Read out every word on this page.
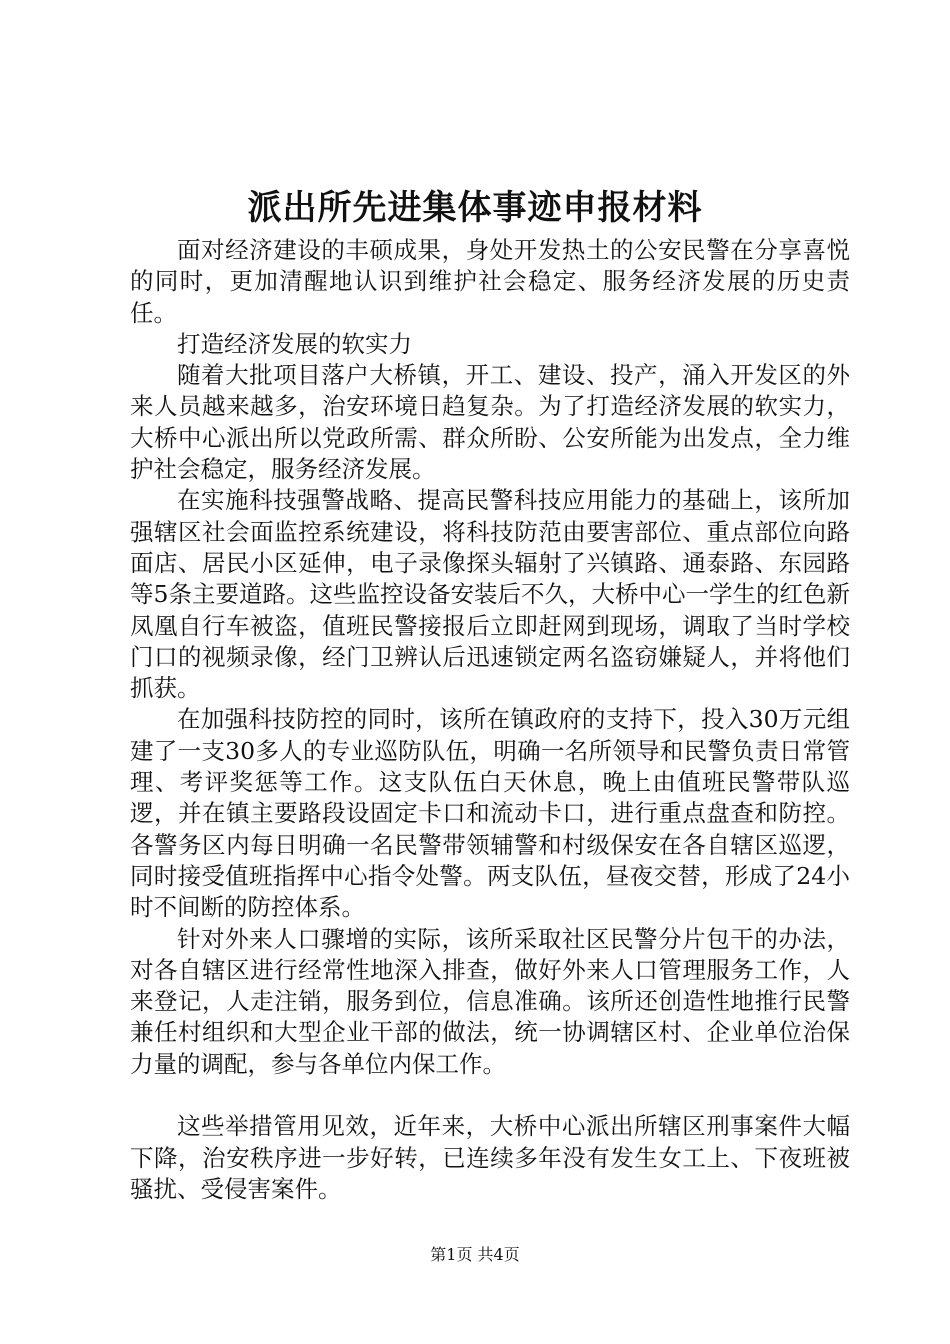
派出所先进集体事迹申报材料

面对经济建设的丰硕成果，身处开发热土的公安民警在分享喜悦的同时，更加清醒地认识到维护社会稳定、服务经济发展的历史责任。

打造经济发展的软实力

随着大批项目落户大桥镇，开工、建设、投产，涌入开发区的外来人员越来越多，治安环境日趋复杂。为了打造经济发展的软实力，大桥中心派出所以党政所需、群众所盼、公安所能为出发点，全力维护社会稳定，服务经济发展。

在实施科技强警战略、提高民警科技应用能力的基础上，该所加强辖区社会面监控系统建设，将科技防范由要害部位、重点部位向路面店、居民小区延伸，电子录像探头辐射了兴镇路、通泰路、东园路等5条主要道路。这些监控设备安装后不久，大桥中心一学生的红色新凤凰自行车被盗，值班民警接报后立即赶网到现场，调取了当时学校门口的视频录像，经门卫辨认后迅速锁定两名盗窃嫌疑人，并将他们抓获。

在加强科技防控的同时，该所在镇政府的支持下，投入30万元组建了一支30多人的专业巡防队伍，明确一名所领导和民警负责日常管理、考评奖惩等工作。这支队伍白天休息，晚上由值班民警带队巡逻，并在镇主要路段设固定卡口和流动卡口，进行重点盘查和防控。各警务区内每日明确一名民警带领辅警和村级保安在各自辖区巡逻，同时接受值班指挥中心指令处警。两支队伍，昼夜交替，形成了24小时不间断的防控体系。

针对外来人口骤增的实际，该所采取社区民警分片包干的办法，对各自辖区进行经常性地深入排查，做好外来人口管理服务工作，人来登记，人走注销，服务到位，信息准确。该所还创造性地推行民警兼任村组织和大型企业干部的做法，统一协调辖区村、企业单位治保力量的调配，参与各单位内保工作。

这些举措管用见效，近年来，大桥中心派出所辖区刑事案件大幅下降，治安秩序进一步好转，已连续多年没有发生女工上、下夜班被骚扰、受侵害案件。

第1页 共4页
